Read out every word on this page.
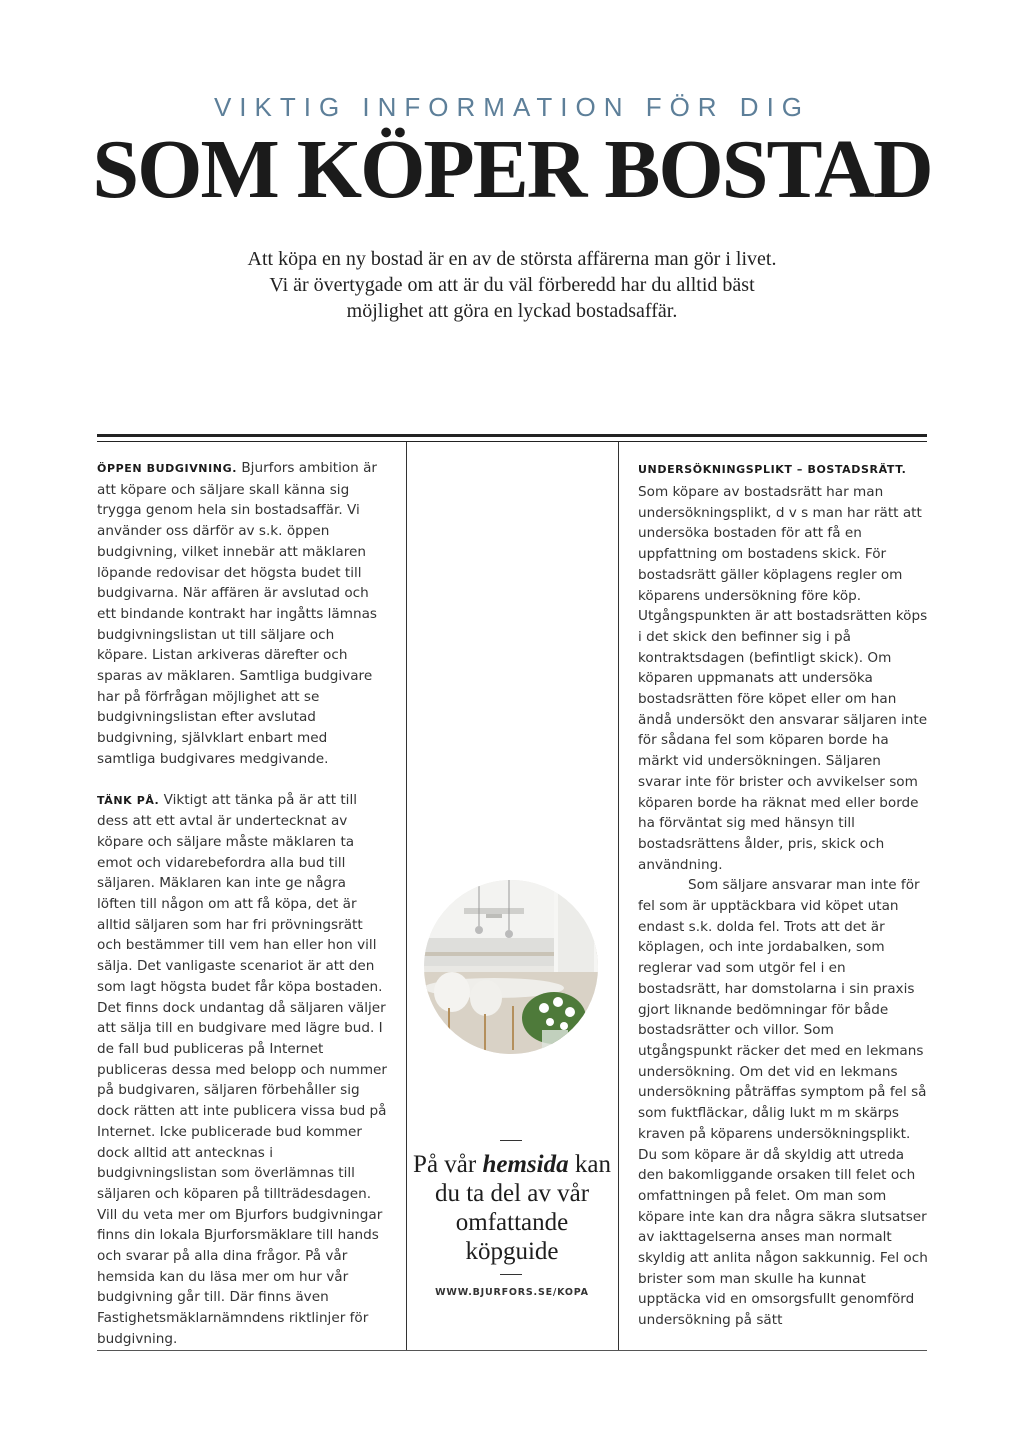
VIKTIG INFORMATION FÖR DIG
SOM KÖPER BOSTAD
Att köpa en ny bostad är en av de största affärerna man gör i livet. Vi är övertygade om att är du väl förberedd har du alltid bäst möjlighet att göra en lyckad bostadsaffär.

ÖPPEN BUDGIVNING. Bjurfors ambition är att köpare och säljare skall känna sig trygga genom hela sin bostadsaffär. Vi använder oss därför av s.k. öppen budgivning, vilket innebär att mäklaren löpande redovisar det högsta budet till budgivarna. När affären är avslutad och ett bindande kontrakt har ingåtts lämnas budgivningslistan ut till säljare och köpare. Listan arkiveras därefter och sparas av mäklaren. Samtliga budgivare har på förfrågan möjlighet att se budgivningslistan efter avslutad budgivning, självklart enbart med samtliga budgivares medgivande.

TÄNK PÅ. Viktigt att tänka på är att till dess att ett avtal är undertecknat av köpare och säljare måste mäklaren ta emot och vidarebefordra alla bud till säljaren. Mäklaren kan inte ge några löften till någon om att få köpa, det är alltid säljaren som har fri prövningsrätt och bestämmer till vem han eller hon vill sälja. Det vanligaste scenariot är att den som lagt högsta budet får köpa bostaden. Det finns dock undantag då säljaren väljer att sälja till en budgivare med lägre bud. I de fall bud publiceras på Internet publiceras dessa med belopp och nummer på budgivaren, säljaren förbehåller sig dock rätten att inte publicera vissa bud på Internet. Icke publicerade bud kommer dock alltid att antecknas i budgivningslistan som överlämnas till säljaren och köparen på tillträdesdagen. Vill du veta mer om Bjurfors budgivningar finns din lokala Bjurforsmäklare till hands och svarar på alla dina frågor. På vår hemsida kan du läsa mer om hur vår budgivning går till. Där finns även Fastighetsmäklarnämndens riktlinjer för budgivning.

På vår hemsida kan du ta del av vår omfattande köpguide
WWW.BJURFORS.SE/KOPA
UNDERSÖKNINGSPLIKT – BOSTADSRÄTT.

Som köpare av bostadsrätt har man undersökningsplikt, d v s man har rätt att undersöka bostaden för att få en uppfattning om bostadens skick. För bostadsrätt gäller köplagens regler om köparens undersökning före köp. Utgångspunkten är att bostadsrätten köps i det skick den befinner sig i på kontraktsdagen (befintligt skick). Om köparen uppmanats att undersöka bostadsrätten före köpet eller om han ändå undersökt den ansvarar säljaren inte för sådana fel som köparen borde ha märkt vid undersökningen. Säljaren svarar inte för brister och avvikelser som köparen borde ha räknat med eller borde ha förväntat sig med hänsyn till bostadsrättens ålder, pris, skick och användning.

Som säljare ansvarar man inte för fel som är upptäckbara vid köpet utan endast s.k. dolda fel. Trots att det är köplagen, och inte jordabalken, som reglerar vad som utgör fel i en bostadsrätt, har domstolarna i sin praxis gjort liknande bedömningar för både bostadsrätter och villor. Som utgångspunkt räcker det med en lekmans undersökning. Om det vid en lekmans undersökning påträffas symptom på fel så som fuktfläckar, dålig lukt m m skärps kraven på köparens undersökningsplikt. Du som köpare är då skyldig att utreda den bakomliggande orsaken till felet och omfattningen på felet. Om man som köpare inte kan dra några säkra slutsatser av iakttagelserna anses man normalt skyldig att anlita någon sakkunnig. Fel och brister som man skulle ha kunnat upptäcka vid en omsorgsfullt genomförd undersökning på sätt
